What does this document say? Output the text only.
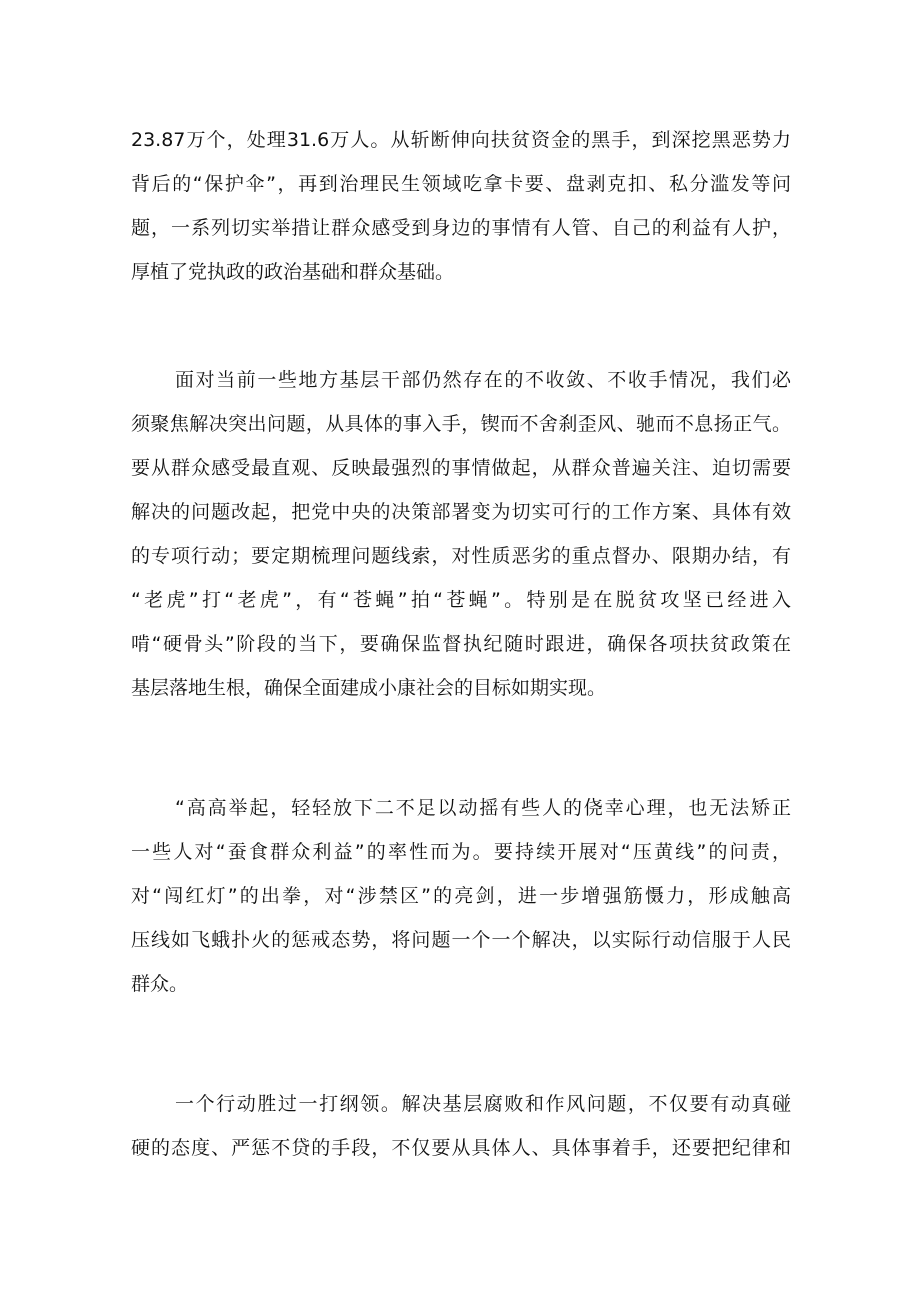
23.87万个，处理31.6万人。从斩断伸向扶贫资金的黑手，到深挖黑恶势力
背后的“保护伞”，再到治理民生领域吃拿卡要、盘剥克扣、私分滥发等问
题，一系列切实举措让群众感受到身边的事情有人管、自己的利益有人护，
厚植了党执政的政治基础和群众基础。
面对当前一些地方基层干部仍然存在的不收敛、不收手情况，我们必
须聚焦解决突出问题，从具体的事入手，锲而不舍刹歪风、驰而不息扬正气。
要从群众感受最直观、反映最强烈的事情做起，从群众普遍关注、迫切需要
解决的问题改起，把党中央的决策部署变为切实可行的工作方案、具体有效
的专项行动；要定期梳理问题线索，对性质恶劣的重点督办、限期办结，有
“老虎”打“老虎”，有“苍蝇”拍“苍蝇”。特别是在脱贫攻坚已经进入
啃“硬骨头”阶段的当下，要确保监督执纪随时跟进，确保各项扶贫政策在
基层落地生根，确保全面建成小康社会的目标如期实现。
“高高举起，轻轻放下二不足以动摇有些人的侥幸心理，也无法矫正
一些人对“蚕食群众利益”的率性而为。要持续开展对“压黄线”的问责，
对“闯红灯”的出拳，对“涉禁区”的亮剑，进一步增强筋慑力，形成触高
压线如飞蛾扑火的惩戒态势，将问题一个一个解决，以实际行动信服于人民
群众。
一个行动胜过一打纲领。解决基层腐败和作风问题，不仅要有动真碰
硬的态度、严惩不贷的手段，不仅要从具体人、具体事着手，还要把纪律和
